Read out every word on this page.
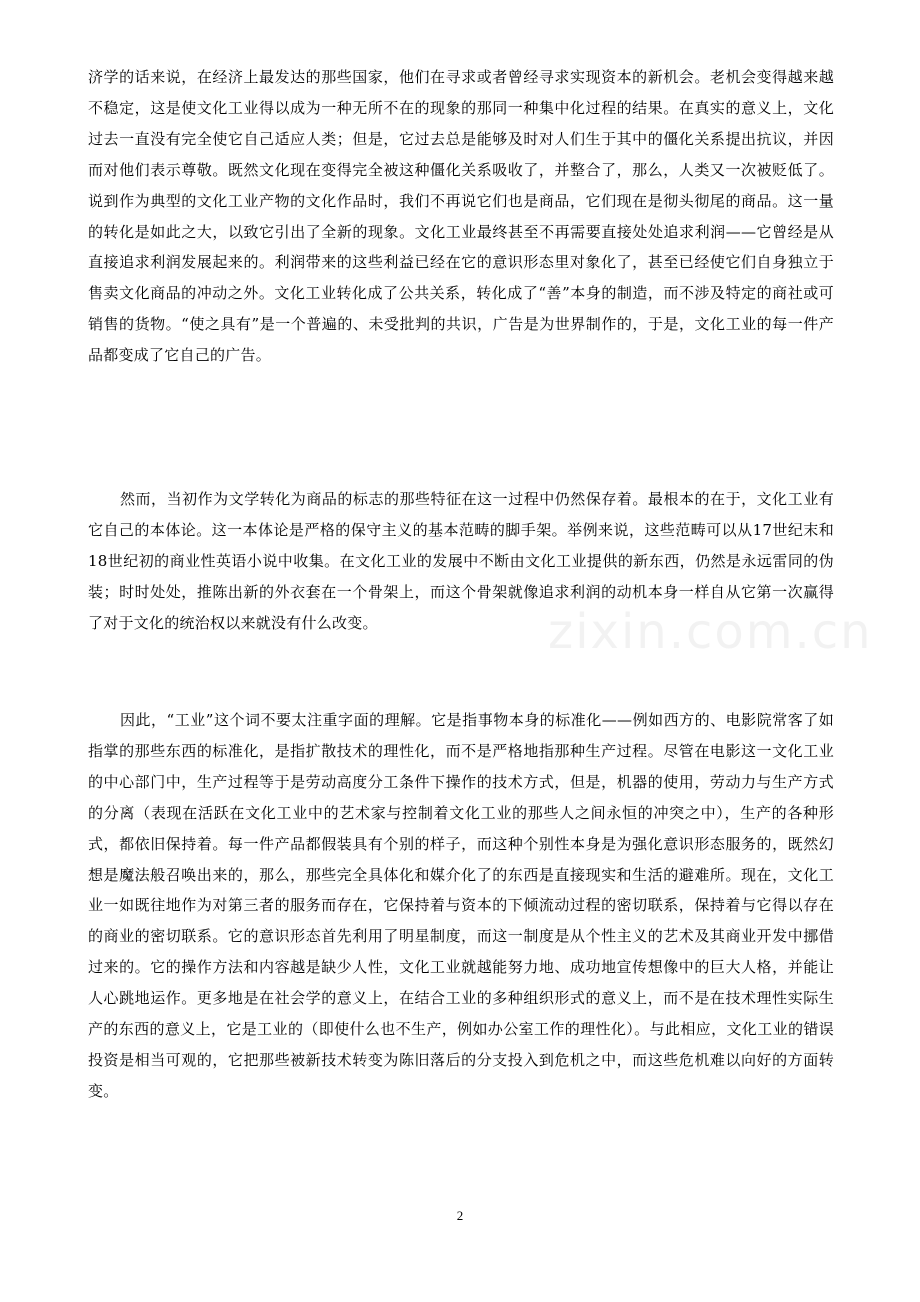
济学的话来说，在经济上最发达的那些国家，他们在寻求或者曾经寻求实现资本的新机会。老机会变得越来越不稳定，这是使文化工业得以成为一种无所不在的现象的那同一种集中化过程的结果。在真实的意义上，文化过去一直没有完全使它自己适应人类；但是，它过去总是能够及时对人们生于其中的僵化关系提出抗议，并因而对他们表示尊敬。既然文化现在变得完全被这种僵化关系吸收了，并整合了，那么，人类又一次被贬低了。说到作为典型的文化工业产物的文化作品时，我们不再说它们也是商品，它们现在是彻头彻尾的商品。这一量的转化是如此之大，以致它引出了全新的现象。文化工业最终甚至不再需要直接处处追求利润——它曾经是从直接追求利润发展起来的。利润带来的这些利益已经在它的意识形态里对象化了，甚至已经使它们自身独立于售卖文化商品的冲动之外。文化工业转化成了公共关系，转化成了“善”本身的制造，而不涉及特定的商社或可销售的货物。“使之具有”是一个普遍的、未受批判的共识，广告是为世界制作的，于是，文化工业的每一件产品都变成了它自己的广告。

然而，当初作为文学转化为商品的标志的那些特征在这一过程中仍然保存着。最根本的在于，文化工业有它自己的本体论。这一本体论是严格的保守主义的基本范畴的脚手架。举例来说，这些范畴可以从17世纪末和18世纪初的商业性英语小说中收集。在文化工业的发展中不断由文化工业提供的新东西，仍然是永远雷同的伪装；时时处处，推陈出新的外衣套在一个骨架上，而这个骨架就像追求利润的动机本身一样自从它第一次赢得了对于文化的统治权以来就没有什么改变。

因此，“工业”这个词不要太注重字面的理解。它是指事物本身的标准化——例如西方的、电影院常客了如指掌的那些东西的标准化，是指扩散技术的理性化，而不是严格地指那种生产过程。尽管在电影这一文化工业的中心部门中，生产过程等于是劳动高度分工条件下操作的技术方式，但是，机器的使用，劳动力与生产方式的分离（表现在活跃在文化工业中的艺术家与控制着文化工业的那些人之间永恒的冲突之中），生产的各种形式，都依旧保持着。每一件产品都假装具有个别的样子，而这种个别性本身是为强化意识形态服务的，既然幻想是魔法般召唤出来的，那么，那些完全具体化和媒介化了的东西是直接现实和生活的避难所。现在，文化工业一如既往地作为对第三者的服务而存在，它保持着与资本的下倾流动过程的密切联系，保持着与它得以存在的商业的密切联系。它的意识形态首先利用了明星制度，而这一制度是从个性主义的艺术及其商业开发中挪借过来的。它的操作方法和内容越是缺少人性，文化工业就越能努力地、成功地宣传想像中的巨大人格，并能让人心跳地运作。更多地是在社会学的意义上，在结合工业的多种组织形式的意义上，而不是在技术理性实际生产的东西的意义上，它是工业的（即使什么也不生产，例如办公室工作的理性化）。与此相应，文化工业的错误投资是相当可观的，它把那些被新技术转变为陈旧落后的分支投入到危机之中，而这些危机难以向好的方面转变。

zixin.com.cn
2
